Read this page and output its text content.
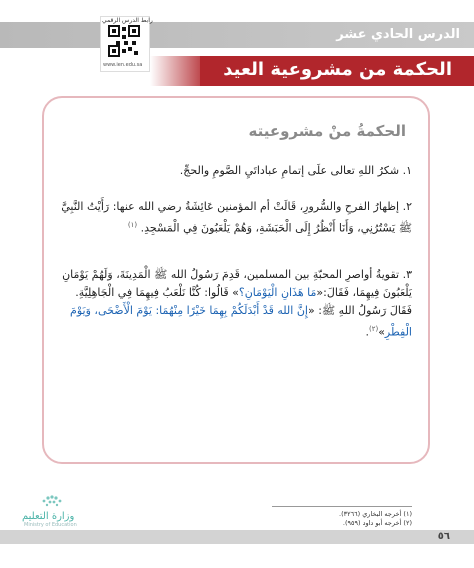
الدرس الحادي عشر
رابط الدرس الرقمي
www.ien.edu.sa	الحكمة من مشروعية العيد
الحكمةُ منْ مشروعيته
١. شكرُ اللهِ تعالى علَى إتمامِ عباداتَيِ الصَّومِ والحجِّ.
٢. إظهارُ الفرحِ والسُّرورِ، قَالَتْ أم المؤمنين عَائِشَةُ رضي الله عنها: رَأَيْتُ النَّبِيَّ ﷺ يَسْتُرُنِي، وَأَنَا أَنْظُرُ إِلَى الْحَبَشَةِ، وَهُمْ يَلْعَبُونَ فِي الْمَسْجِدِ. $^{(١)}$
٣. تقويةُ أواصرِ المحبّةِ بين المسلمين، قَدِمَ رَسُولُ الله ﷺ الْمَدِينَةَ، وَلَهُمْ يَوْمَانِ يَلْعَبُونَ فِيهِمَا، فَقَالَ:«مَا هَذَانِ الْيَوْمَانِ؟» قَالُوا: كُنَّا نَلْعَبُ فِيهِمَا فِي الْجَاهِلِيَّةِ. فَقَالَ رَسُولُ اللهِ ﷺ: «إِنَّ الله قَدْ أَبْدَلَكُمْ بِهِمَا خَيْرًا مِنْهُمَا: يَوْمَ الْأَضْحَى، وَيَوْمَ الْفِطْرِ»$^{(٢)}$.
(١) أخرجه البخاري (٣٢٦٦).
(٢) أخرجه أبو داود (٩٥٩).
وزارة التعليم
Ministry of Education
٥٦
